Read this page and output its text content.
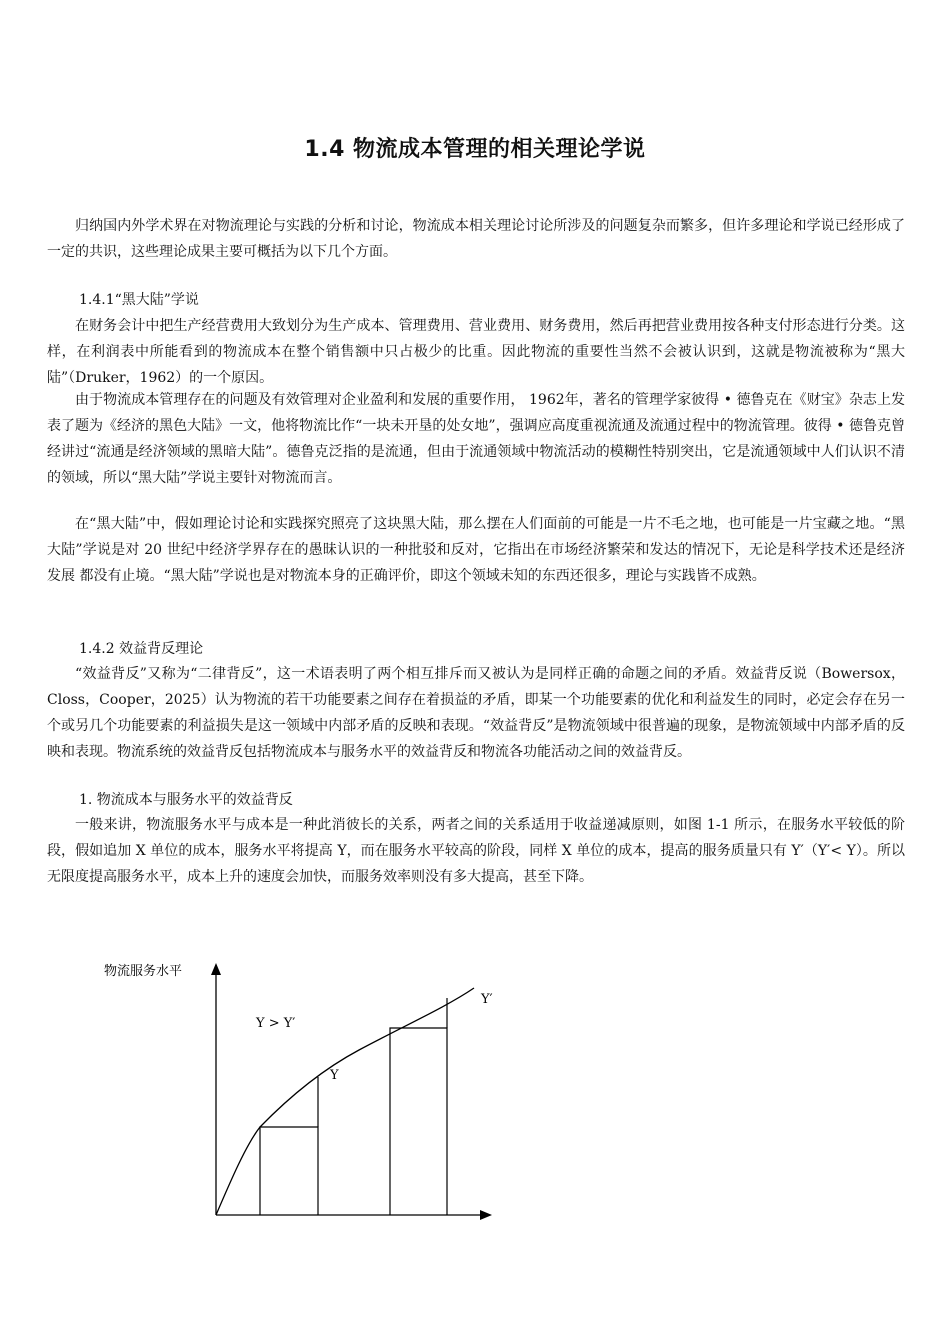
1.4 物流成本管理的相关理论学说
归纳国内外学术界在对物流理论与实践的分析和讨论，物流成本相关理论讨论所涉及的问题复杂而繁多，但许多理论和学说已经形成了一定的共识，这些理论成果主要可概括为以下几个方面。
1.4.1“黑大陆”学说
在财务会计中把生产经营费用大致划分为生产成本、管理费用、营业费用、财务费用，然后再把营业费用按各种支付形态进行分类。这样，在利润表中所能看到的物流成本在整个销售额中只占极少的比重。因此物流的重要性当然不会被认识到，这就是物流被称为“黑大陆”（Druker，1962）的一个原因。
由于物流成本管理存在的问题及有效管理对企业盈利和发展的重要作用， 1962年，著名的管理学家彼得 • 德鲁克在《财宝》杂志上发表了题为《经济的黑色大陆》一文，他将物流比作“一块未开垦的处女地”，强调应高度重视流通及流通过程中的物流管理。彼得 • 德鲁克曾经讲过“流通是经济领域的黑暗大陆”。德鲁克泛指的是流通，但由于流通领域中物流活动的模糊性特别突出，它是流通领域中人们认识不清的领域，所以“黑大陆”学说主要针对物流而言。
在“黑大陆”中，假如理论讨论和实践探究照亮了这块黑大陆，那么摆在人们面前的可能是一片不毛之地，也可能是一片宝藏之地。“黑大陆”学说是对 20 世纪中经济学界存在的愚昧认识的一种批驳和反对，它指出在市场经济繁荣和发达的情况下，无论是科学技术还是经济发展 都没有止境。“黑大陆”学说也是对物流本身的正确评价，即这个领域未知的东西还很多，理论与实践皆不成熟。
1.4.2 效益背反理论
“效益背反”又称为“二律背反”，这一术语表明了两个相互排斥而又被认为是同样正确的命题之间的矛盾。效益背反说（Bowersox，Closs，Cooper，2025）认为物流的若干功能要素之间存在着损益的矛盾，即某一个功能要素的优化和利益发生的同时，必定会存在另一个或另几个功能要素的利益损失是这一领域中内部矛盾的反映和表现。“效益背反”是物流领域中很普遍的现象，是物流领域中内部矛盾的反映和表现。物流系统的效益背反包括物流成本与服务水平的效益背反和物流各功能活动之间的效益背反。
1. 物流成本与服务水平的效益背反
一般来讲，物流服务水平与成本是一种此消彼长的关系，两者之间的关系适用于收益递减原则，如图 1-1 所示，在服务水平较低的阶段，假如追加 X 单位的成本，服务水平将提高 Y，而在服务水平较高的阶段，同样 X 单位的成本，提高的服务质量只有 Y′（Y′< Y）。所以无限度提高服务水平，成本上升的速度会加快，而服务效率则没有多大提高，甚至下降。
物流服务水平
Y > Y′
Y
Y′
